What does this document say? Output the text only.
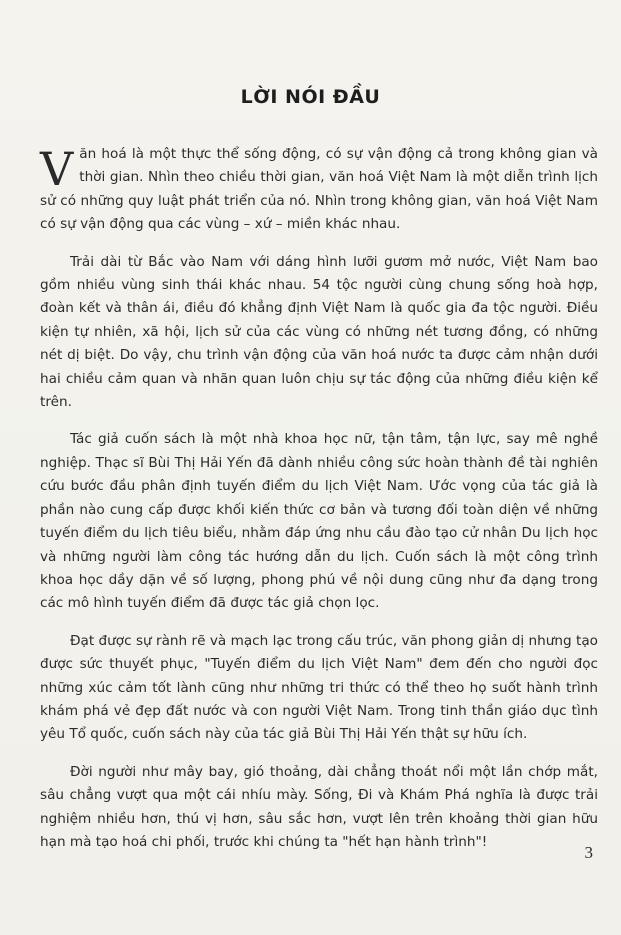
LỜI NÓI ĐẦU

Văn hoá là một thực thể sống động, có sự vận động cả trong không gian và thời gian. Nhìn theo chiều thời gian, văn hoá Việt Nam là một diễn trình lịch sử có những quy luật phát triển của nó. Nhìn trong không gian, văn hoá Việt Nam có sự vận động qua các vùng – xứ – miền khác nhau.

Trải dài từ Bắc vào Nam với dáng hình lưỡi gươm mở nước, Việt Nam bao gồm nhiều vùng sinh thái khác nhau. 54 tộc người cùng chung sống hoà hợp, đoàn kết và thân ái, điều đó khẳng định Việt Nam là quốc gia đa tộc người. Điều kiện tự nhiên, xã hội, lịch sử của các vùng có những nét tương đồng, có những nét dị biệt. Do vậy, chu trình vận động của văn hoá nước ta được cảm nhận dưới hai chiều cảm quan và nhãn quan luôn chịu sự tác động của những điều kiện kể trên.

Tác giả cuốn sách là một nhà khoa học nữ, tận tâm, tận lực, say mê nghề nghiệp. Thạc sĩ Bùi Thị Hải Yến đã dành nhiều công sức hoàn thành đề tài nghiên cứu bước đầu phân định tuyến điểm du lịch Việt Nam. Ước vọng của tác giả là phần nào cung cấp được khối kiến thức cơ bản và tương đối toàn diện về những tuyến điểm du lịch tiêu biểu, nhằm đáp ứng nhu cầu đào tạo cử nhân Du lịch học và những người làm công tác hướng dẫn du lịch. Cuốn sách là một công trình khoa học dầy dặn về số lượng, phong phú về nội dung cũng như đa dạng trong các mô hình tuyến điểm đã được tác giả chọn lọc.

Đạt được sự rành rẽ và mạch lạc trong cấu trúc, văn phong giản dị nhưng tạo được sức thuyết phục, "Tuyến điểm du lịch Việt Nam" đem đến cho người đọc những xúc cảm tốt lành cũng như những tri thức có thể theo họ suốt hành trình khám phá vẻ đẹp đất nước và con người Việt Nam. Trong tinh thần giáo dục tình yêu Tổ quốc, cuốn sách này của tác giả Bùi Thị Hải Yến thật sự hữu ích.

Đời người như mây bay, gió thoảng, dài chẳng thoát nổi một lần chớp mắt, sâu chẳng vượt qua một cái nhíu mày. Sống, Đi và Khám Phá nghĩa là được trải nghiệm nhiều hơn, thú vị hơn, sâu sắc hơn, vượt lên trên khoảng thời gian hữu hạn mà tạo hoá chi phối, trước khi chúng ta "hết hạn hành trình"!

3
